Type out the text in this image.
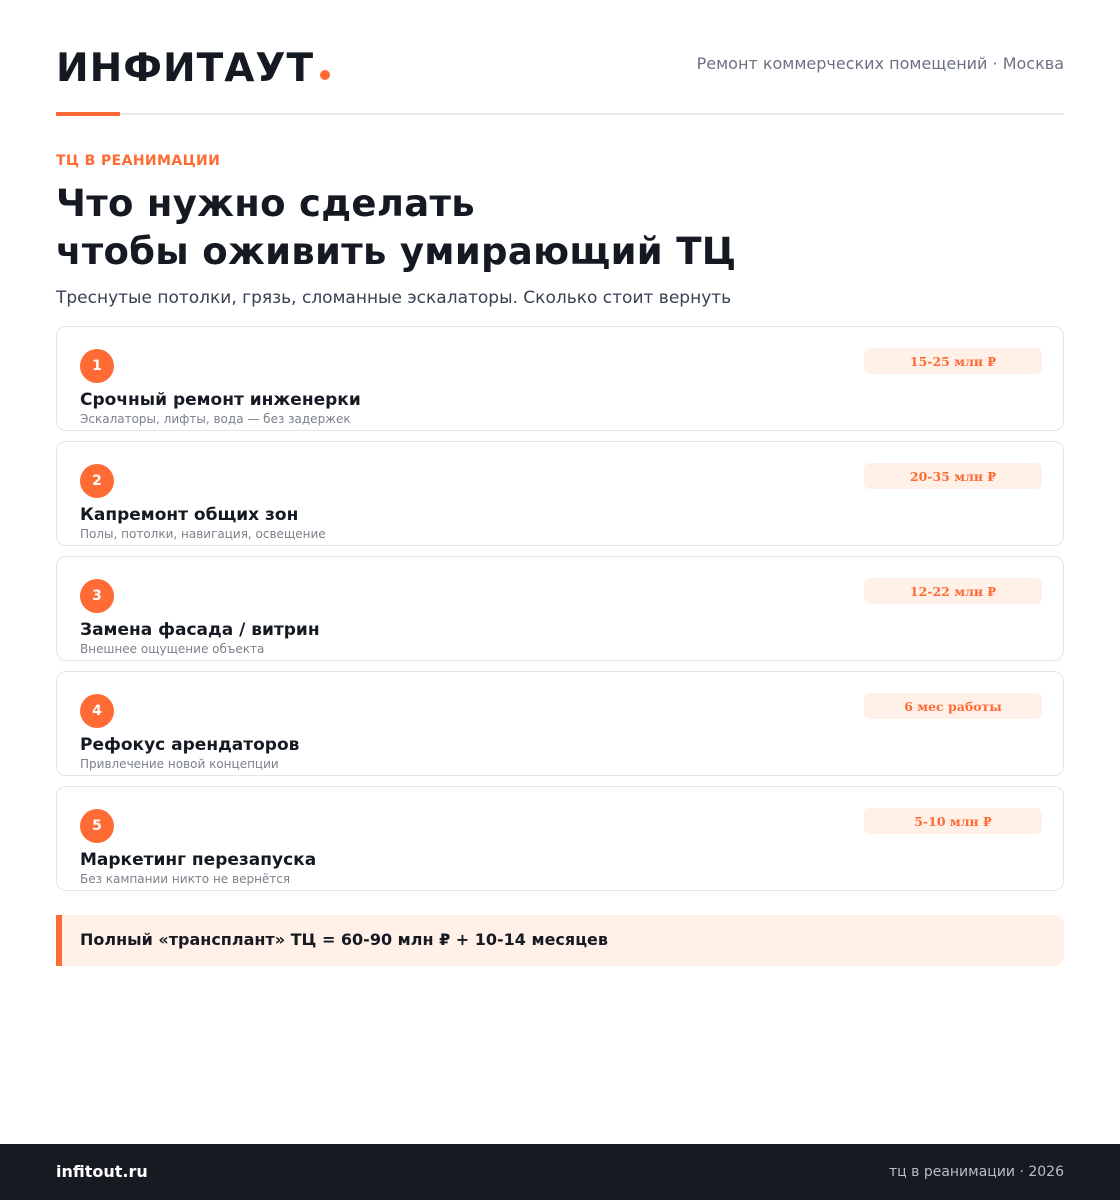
ИНФИТАУТ	Ремонт коммерческих помещений · Москва
ТЦ В РЕАНИМАЦИИ
Что нужно сделать
чтобы оживить умирающий ТЦ
Треснутые потолки, грязь, сломанные эскалаторы. Сколько стоит вернуть
1	15-25 млн ₽
Срочный ремонт инженерки
Эскалаторы, лифты, вода — без задержек
2	20-35 млн ₽
Капремонт общих зон
Полы, потолки, навигация, освещение
3	12-22 млн ₽
Замена фасада / витрин
Внешнее ощущение объекта
4	6 мес работы
Рефокус арендаторов
Привлечение новой концепции
5	5-10 млн ₽
Маркетинг перезапуска
Без кампании никто не вернётся
Полный «трансплант» ТЦ = 60-90 млн ₽ + 10-14 месяцев
infitout.ru	тц в реанимации · 2026
